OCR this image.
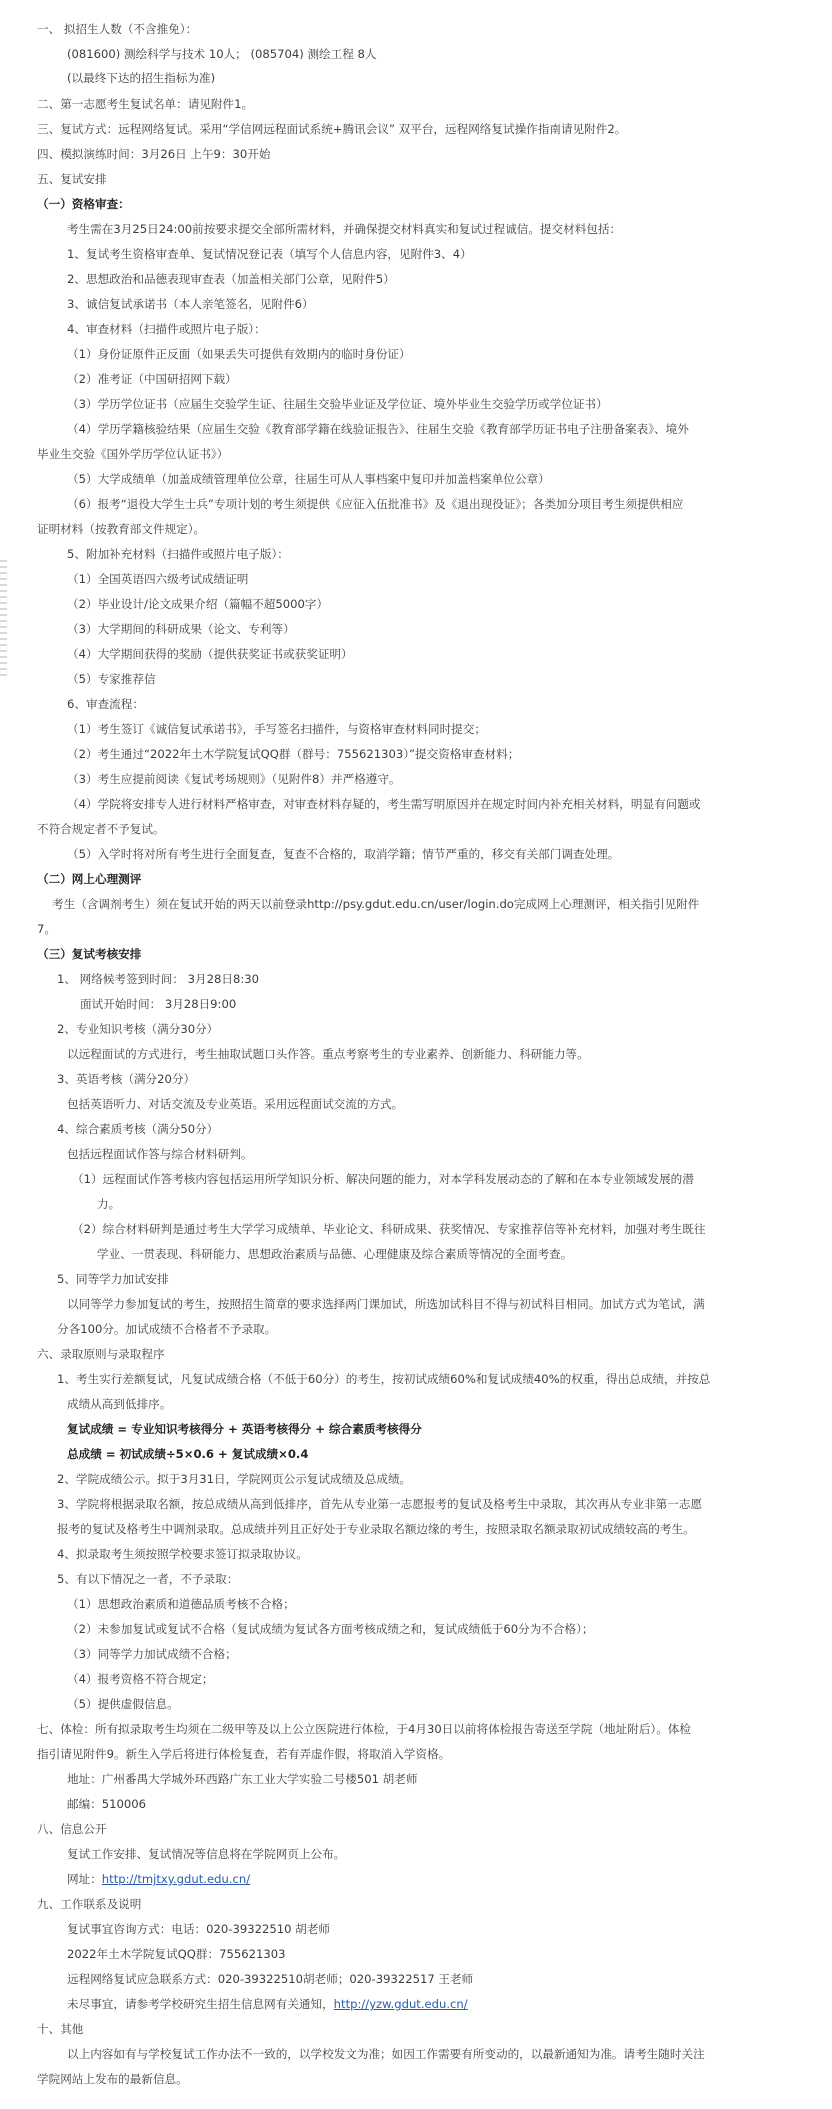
一、 拟招生人数（不含推免）：
(081600) 测绘科学与技术 10人； (085704) 测绘工程 8人
(以最终下达的招生指标为准)
二、第一志愿考生复试名单：请见附件1。
三、复试方式：远程网络复试。采用“学信网远程面试系统+腾讯会议” 双平台，远程网络复试操作指南请见附件2。
四、模拟演练时间：3月26日 上午9：30开始
五、复试安排
（一）资格审查：
考生需在3月25日24:00前按要求提交全部所需材料，并确保提交材料真实和复试过程诚信。提交材料包括：
1、复试考生资格审查单、复试情况登记表（填写个人信息内容，见附件3、4）
2、思想政治和品德表现审查表（加盖相关部门公章，见附件5）
3、诚信复试承诺书（本人亲笔签名，见附件6）
4、审查材料（扫描件或照片电子版）：
（1）身份证原件正反面（如果丢失可提供有效期内的临时身份证）
（2）准考证（中国研招网下载）
（3）学历学位证书（应届生交验学生证、往届生交验毕业证及学位证、境外毕业生交验学历或学位证书）
（4）学历学籍核验结果（应届生交验《教育部学籍在线验证报告》、往届生交验《教育部学历证书电子注册备案表》、境外
毕业生交验《国外学历学位认证书》）
（5）大学成绩单（加盖成绩管理单位公章，往届生可从人事档案中复印并加盖档案单位公章）
（6）报考“退役大学生士兵”专项计划的考生须提供《应征入伍批准书》及《退出现役证》；各类加分项目考生须提供相应
证明材料（按教育部文件规定）。
5、附加补充材料（扫描件或照片电子版）：
（1）全国英语四六级考试成绩证明
（2）毕业设计/论文成果介绍（篇幅不超5000字）
（3）大学期间的科研成果（论文、专利等）
（4）大学期间获得的奖励（提供获奖证书或获奖证明）
（5）专家推荐信
6、审查流程：
（1）考生签订《诚信复试承诺书》，手写签名扫描件，与资格审查材料同时提交；
（2）考生通过“2022年土木学院复试QQ群（群号：755621303）”提交资格审查材料；
（3）考生应提前阅读《复试考场规则》（见附件8）并严格遵守。
（4）学院将安排专人进行材料严格审查，对审查材料存疑的，考生需写明原因并在规定时间内补充相关材料，明显有问题或
不符合规定者不予复试。
（5）入学时将对所有考生进行全面复查，复查不合格的，取消学籍；情节严重的，移交有关部门调查处理。
（二）网上心理测评
考生（含调剂考生）须在复试开始的两天以前登录http://psy.gdut.edu.cn/user/login.do完成网上心理测评，相关指引见附件
7。
（三）复试考核安排
1、 网络候考签到时间： 3月28日8:30
面试开始时间： 3月28日9:00
2、专业知识考核（满分30分）
以远程面试的方式进行，考生抽取试题口头作答。重点考察考生的专业素养、创新能力、科研能力等。
3、英语考核（满分20分）
包括英语听力、对话交流及专业英语。采用远程面试交流的方式。
4、综合素质考核（满分50分）
包括远程面试作答与综合材料研判。
（1）远程面试作答考核内容包括运用所学知识分析、解决问题的能力，对本学科发展动态的了解和在本专业领域发展的潜
力。
（2）综合材料研判是通过考生大学学习成绩单、毕业论文、科研成果、获奖情况、专家推荐信等补充材料，加强对考生既往
学业、一贯表现、科研能力、思想政治素质与品德、心理健康及综合素质等情况的全面考查。
5、同等学力加试安排
以同等学力参加复试的考生，按照招生简章的要求选择两门课加试，所选加试科目不得与初试科目相同。加试方式为笔试，满
分各100分。加试成绩不合格者不予录取。
六、录取原则与录取程序
1、考生实行差额复试，凡复试成绩合格（不低于60分）的考生，按初试成绩60%和复试成绩40%的权重，得出总成绩，并按总
成绩从高到低排序。
复试成绩 = 专业知识考核得分 + 英语考核得分 + 综合素质考核得分
总成绩 = 初试成绩÷5×0.6 + 复试成绩×0.4
2、学院成绩公示。拟于3月31日，学院网页公示复试成绩及总成绩。
3、学院将根据录取名额，按总成绩从高到低排序，首先从专业第一志愿报考的复试及格考生中录取，其次再从专业非第一志愿
报考的复试及格考生中调剂录取。总成绩并列且正好处于专业录取名额边缘的考生，按照录取名额录取初试成绩较高的考生。
4、拟录取考生须按照学校要求签订拟录取协议。
5、有以下情况之一者，不予录取：
（1）思想政治素质和道德品质考核不合格；
（2）未参加复试或复试不合格（复试成绩为复试各方面考核成绩之和，复试成绩低于60分为不合格）；
（3）同等学力加试成绩不合格；
（4）报考资格不符合规定；
（5）提供虚假信息。
七、体检：所有拟录取考生均须在二级甲等及以上公立医院进行体检，于4月30日以前将体检报告寄送至学院（地址附后）。体检
指引请见附件9。新生入学后将进行体检复查，若有弄虚作假，将取消入学资格。
地址：广州番禺大学城外环西路广东工业大学实验二号楼501 胡老师
邮编：510006
八、信息公开
复试工作安排、复试情况等信息将在学院网页上公布。
网址：http://tmjtxy.gdut.edu.cn/
九、工作联系及说明
复试事宜咨询方式：电话：020-39322510 胡老师
2022年土木学院复试QQ群：755621303
远程网络复试应急联系方式：020-39322510胡老师；020-39322517 王老师
未尽事宜，请参考学校研究生招生信息网有关通知，http://yzw.gdut.edu.cn/
十、其他
以上内容如有与学校复试工作办法不一致的，以学校发文为准；如因工作需要有所变动的，以最新通知为准。请考生随时关注
学院网站上发布的最新信息。
